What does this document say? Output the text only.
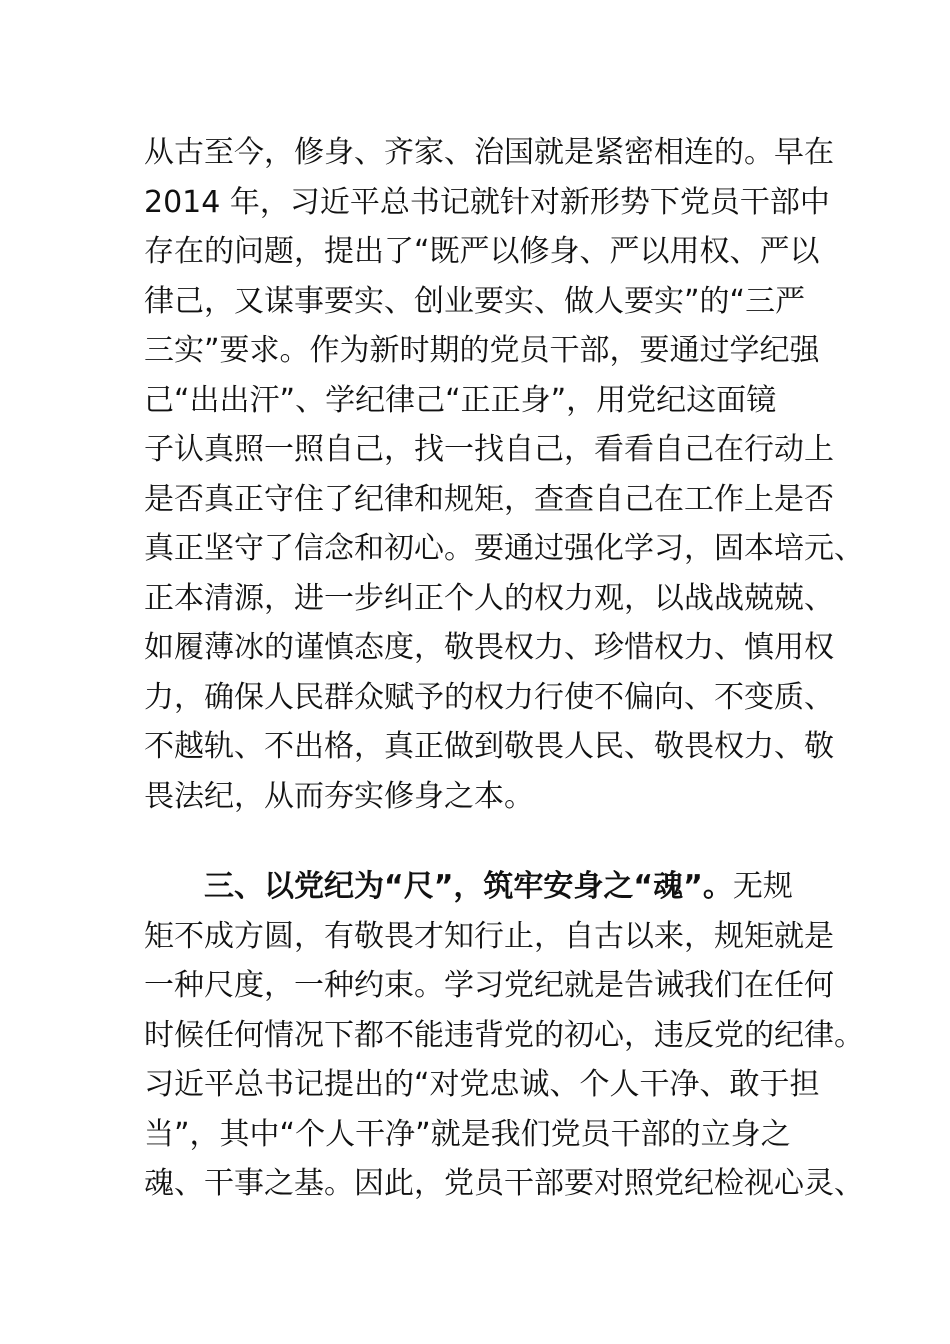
从古至今，修身、齐家、治国就是紧密相连的。早在
2014 年，习近平总书记就针对新形势下党员干部中
存在的问题，提出了“既严以修身、严以用权、严以
律己，又谋事要实、创业要实、做人要实”的“三严
三实”要求。作为新时期的党员干部，要通过学纪强
己“出出汗”、学纪律己“正正身”，用党纪这面镜
子认真照一照自己，找一找自己，看看自己在行动上
是否真正守住了纪律和规矩，查查自己在工作上是否
真正坚守了信念和初心。要通过强化学习，固本培元、
正本清源，进一步纠正个人的权力观，以战战兢兢、
如履薄冰的谨慎态度，敬畏权力、珍惜权力、慎用权
力，确保人民群众赋予的权力行使不偏向、不变质、
不越轨、不出格，真正做到敬畏人民、敬畏权力、敬
畏法纪，从而夯实修身之本。
三、以党纪为“尺”，筑牢安身之“魂”。无规
矩不成方圆，有敬畏才知行止，自古以来，规矩就是
一种尺度，一种约束。学习党纪就是告诫我们在任何
时候任何情况下都不能违背党的初心，违反党的纪律。
习近平总书记提出的“对党忠诚、个人干净、敢于担
当”，其中“个人干净”就是我们党员干部的立身之
魂、干事之基。因此，党员干部要对照党纪检视心灵、
